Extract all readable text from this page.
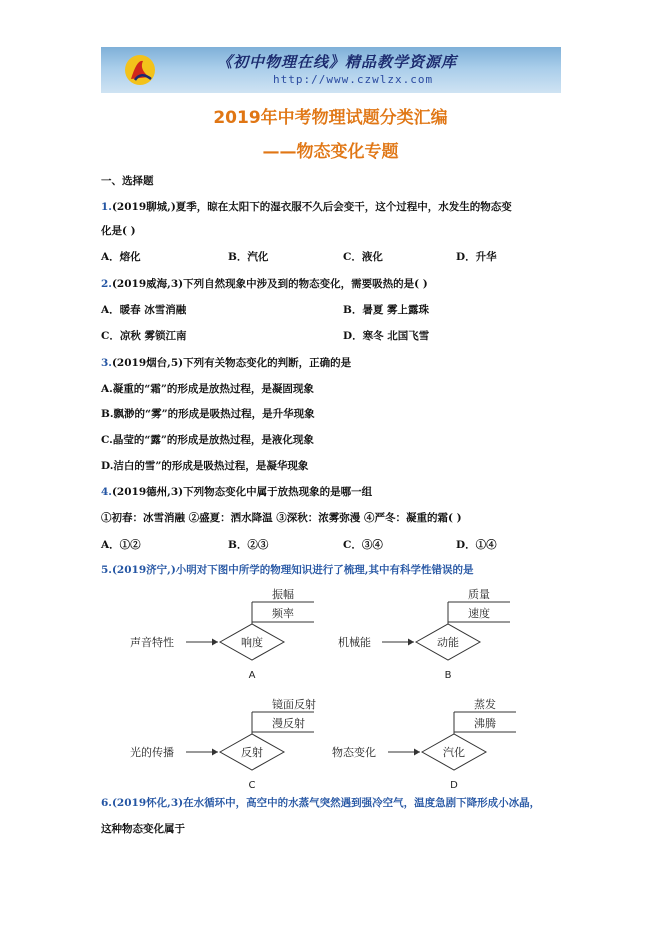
《初中物理在线》精品教学资源库
http://www.czwlzx.com
2019年中考物理试题分类汇编
——物态变化专题
一、选择题
1.(2019聊城,)夏季，晾在太阳下的湿衣服不久后会变干，这个过程中，水发生的物态变
化是( )
A．熔化	B．汽化	C．液化	D．升华
2.(2019威海,3)下列自然现象中涉及到的物态变化，需要吸热的是( )
A．暖春 冰雪消融	B．暑夏 雾上露珠
C．凉秋 雾锁江南	D．寒冬 北国飞雪
3.(2019烟台,5)下列有关物态变化的判断，正确的是
A.凝重的“霜”的形成是放热过程，是凝固现象
B.飘渺的“雾”的形成是吸热过程，是升华现象
C.晶莹的“露”的形成是放热过程，是液化现象
D.洁白的雪”的形成是吸热过程，是凝华现象
4.(2019德州,3)下列物态变化中属于放热现象的是哪一组
①初春：冰雪消融 ②盛夏：洒水降温 ③深秋：浓雾弥漫 ④严冬：凝重的霜( )
A．①②	B．②③	C．③④	D．①④
5.(2019济宁,)小明对下图中所学的物理知识进行了梳理,其中有科学性错误的是
声音特性	响度
振幅
频率
A
机械能	动能
质量
速度
B
光的传播	反射
镜面反射
漫反射
C
物态变化	汽化
蒸发
沸腾
D
6.(2019怀化,3)在水循环中，高空中的水蒸气突然遇到强冷空气，温度急剧下降形成小冰晶，
这种物态变化属于
